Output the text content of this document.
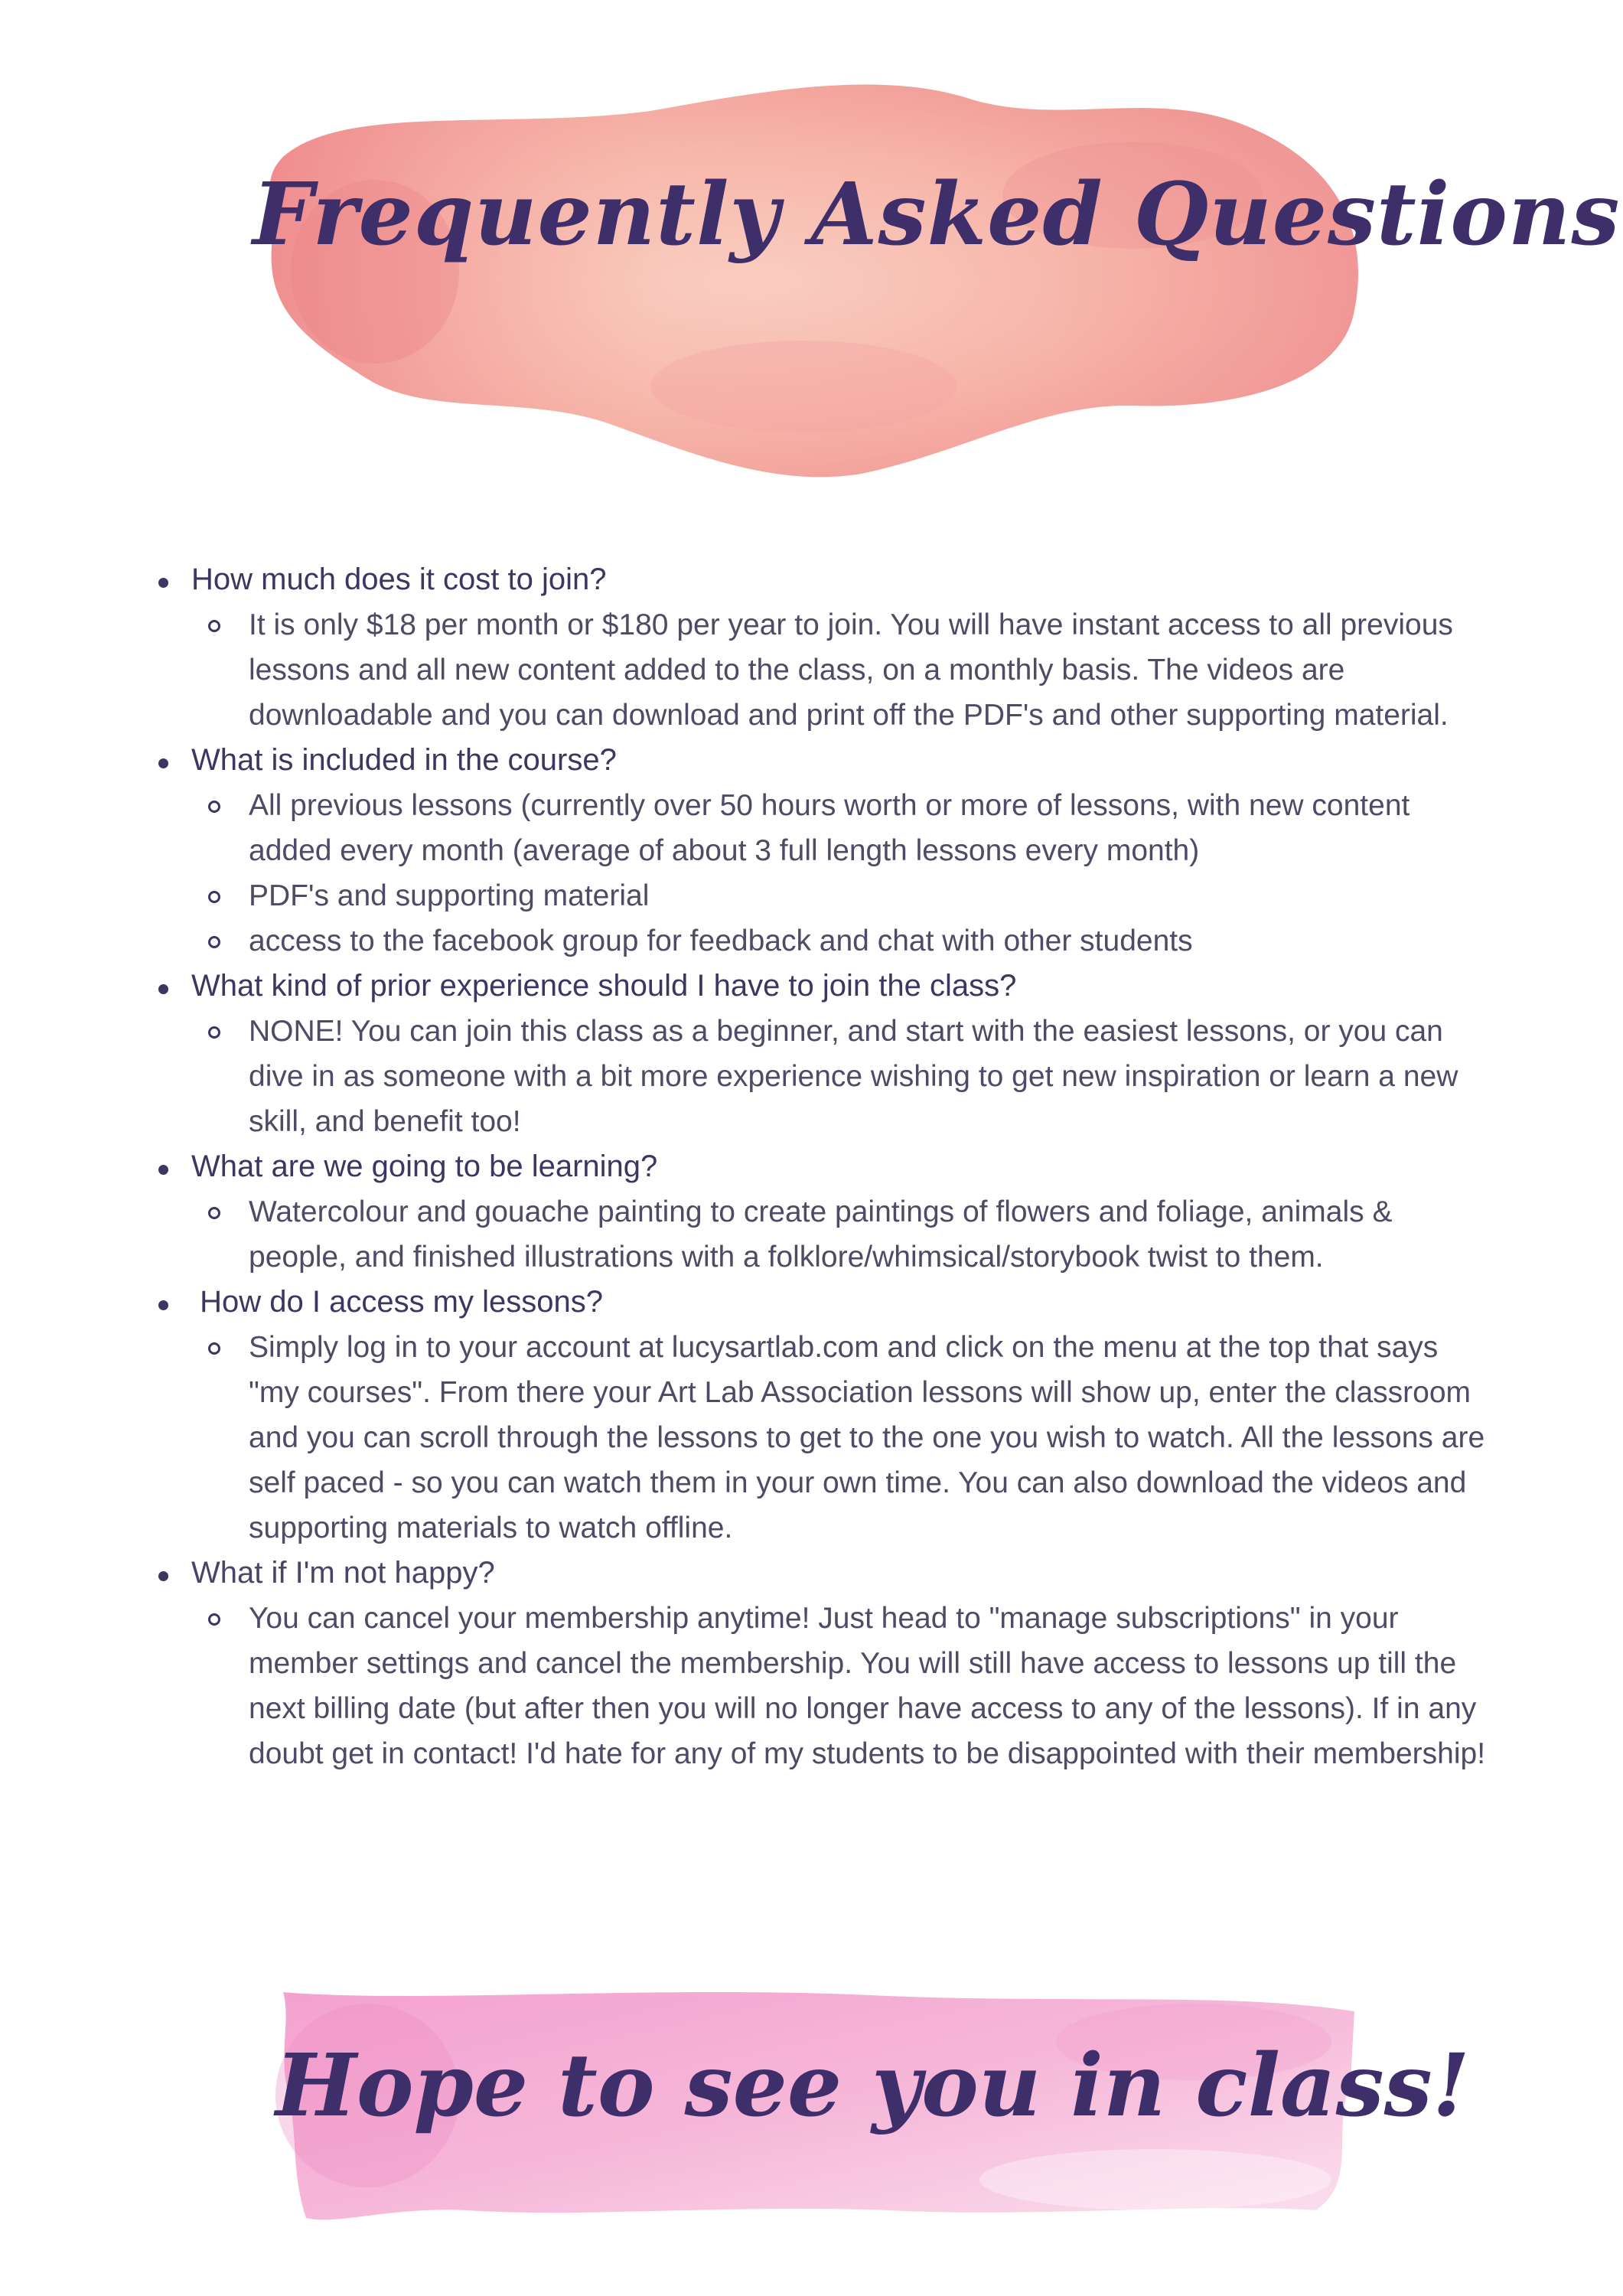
Frequently Asked Questions
How much does it cost to join?
It is only $18 per month or $180 per year to join. You will have instant access to all previous lessons and all new content added to the class, on a monthly basis. The videos are downloadable and you can download and print off the PDF's and other supporting material.
What is included in the course?
All previous lessons (currently over 50 hours worth or more of lessons, with new content added every month (average of about 3 full length lessons every month)
PDF's and supporting material
access to the facebook group for feedback and chat with other students
What kind of prior experience should I have to join the class?
NONE! You can join this class as a beginner, and start with the easiest lessons, or you can dive in as someone with a bit more experience wishing to get new inspiration or learn a new skill, and benefit too!
What are we going to be learning?
Watercolour and gouache painting to create paintings of flowers and foliage, animals & people, and finished illustrations with a folklore/whimsical/storybook twist to them.
How do I access my lessons?
Simply log in to your account at lucysartlab.com and click on the menu at the top that says "my courses". From there your Art Lab Association lessons will show up, enter the classroom and you can scroll through the lessons to get to the one you wish to watch. All the lessons are self paced - so you can watch them in your own time. You can also download the videos and supporting materials to watch offline.
What if I'm not happy?
You can cancel your membership anytime! Just head to "manage subscriptions" in your member settings and cancel the membership. You will still have access to lessons up till the next billing date (but after then you will no longer have access to any of the lessons). If in any doubt get in contact! I'd hate for any of my students to be disappointed with their membership!
Hope to see you in class!
